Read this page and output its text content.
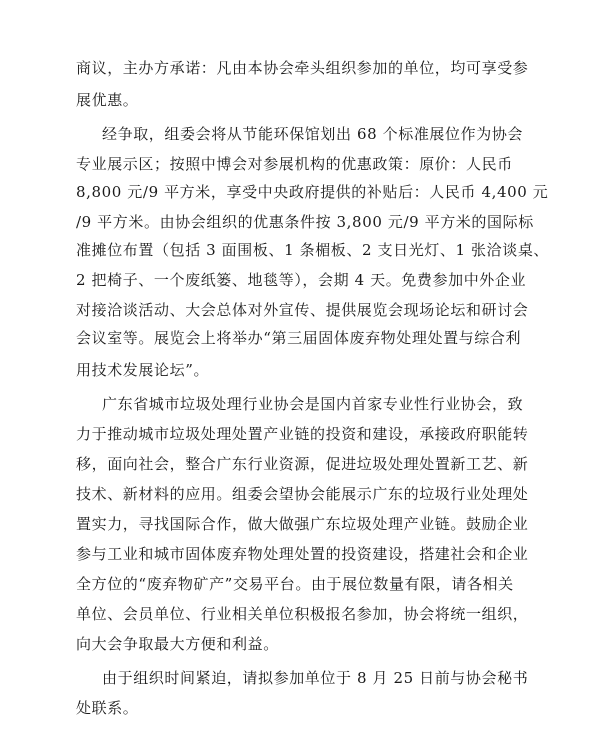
商议，主办方承诺：凡由本协会牵头组织参加的单位，均可享受参
展优惠。
经争取，组委会将从节能环保馆划出 68 个标准展位作为协会
专业展示区；按照中博会对参展机构的优惠政策：原价：人民币
8,800 元/9 平方米，享受中央政府提供的补贴后：人民币 4,400 元
/9 平方米。由协会组织的优惠条件按 3,800 元/9 平方米的国际标
准摊位布置（包括 3 面围板、1 条楣板、2 支日光灯、1 张洽谈桌、
2 把椅子、一个废纸篓、地毯等），会期 4 天。免费参加中外企业
对接洽谈活动、大会总体对外宣传、提供展览会现场论坛和研讨会
会议室等。展览会上将举办“第三届固体废弃物处理处置与综合利
用技术发展论坛”。
广东省城市垃圾处理行业协会是国内首家专业性行业协会，致
力于推动城市垃圾处理处置产业链的投资和建设，承接政府职能转
移，面向社会，整合广东行业资源，促进垃圾处理处置新工艺、新
技术、新材料的应用。组委会望协会能展示广东的垃圾行业处理处
置实力，寻找国际合作，做大做强广东垃圾处理产业链。鼓励企业
参与工业和城市固体废弃物处理处置的投资建设，搭建社会和企业
全方位的“废弃物矿产”交易平台。由于展位数量有限，请各相关
单位、会员单位、行业相关单位积极报名参加，协会将统一组织，
向大会争取最大方便和利益。
由于组织时间紧迫，请拟参加单位于 8 月 25 日前与协会秘书
处联系。
